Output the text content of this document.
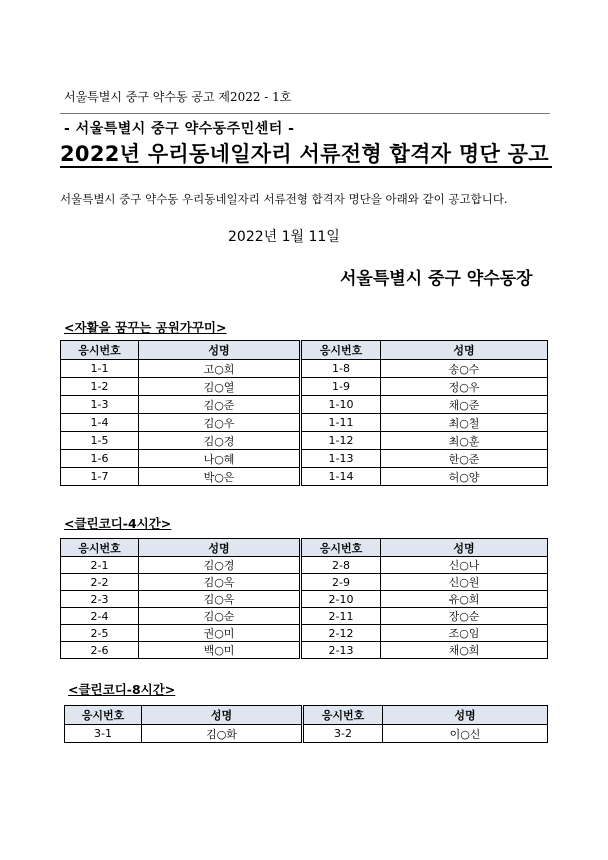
서울특별시 중구 약수동 공고 제2022 - 1호
- 서울특별시 중구 약수동주민센터 -
2022년 우리동네일자리 서류전형 합격자 명단 공고
서울특별시 중구 약수동 우리동네일자리 서류전형 합격자 명단을 아래와 같이 공고합니다.
2022년 1월 11일
서울특별시 중구 약수동장
<자활을 꿈꾸는 공원가꾸미>
응시번호	성명	응시번호	성명
1-1	고○희	1-8	송○수
1-2	김○열	1-9	정○우
1-3	김○준	1-10	채○준
1-4	김○우	1-11	최○철
1-5	김○경	1-12	최○훈
1-6	나○혜	1-13	한○준
1-7	박○은	1-14	허○양
<클린코디-4시간>
응시번호	성명	응시번호	성명
2-1	김○경	2-8	신○나
2-2	김○옥	2-9	신○원
2-3	김○옥	2-10	유○희
2-4	김○순	2-11	장○순
2-5	권○미	2-12	조○임
2-6	백○미	2-13	채○희
<클린코디-8시간>
응시번호	성명	응시번호	성명
3-1	김○화	3-2	이○신
